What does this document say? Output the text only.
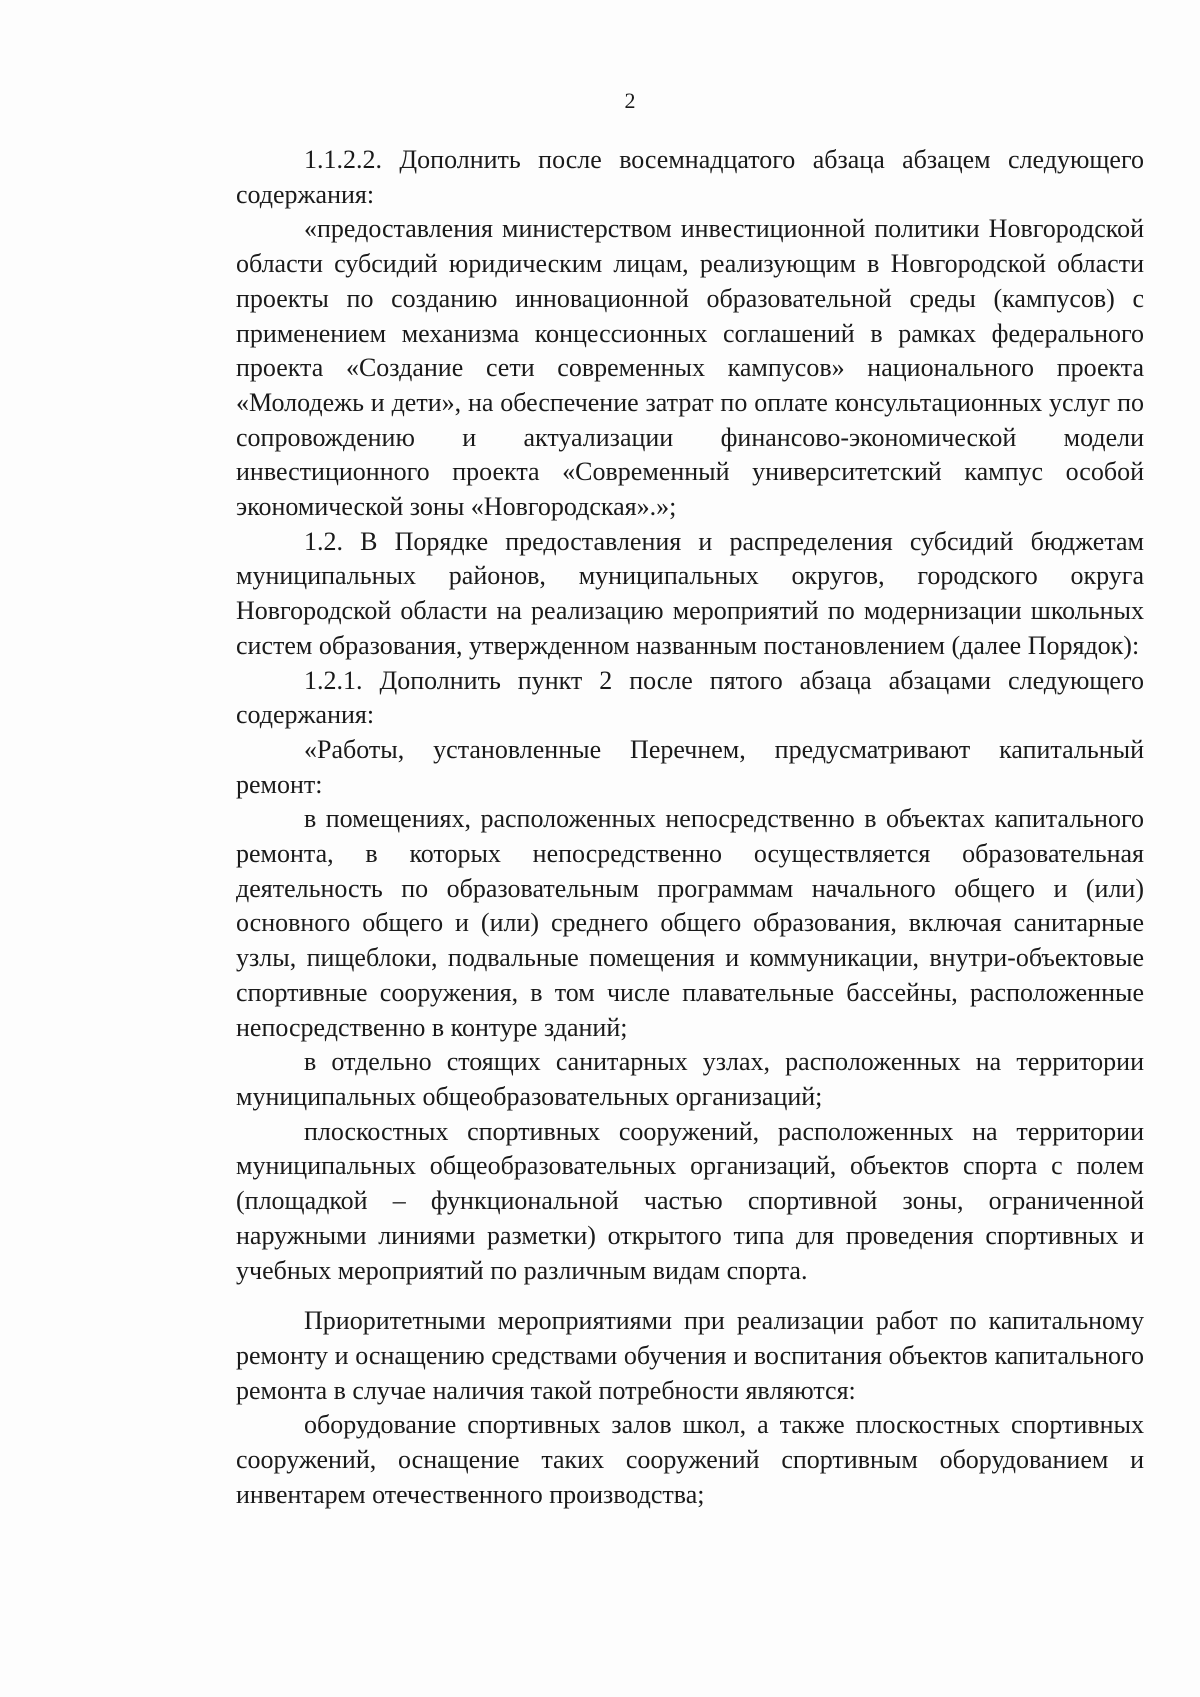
2

1.1.2.2. Дополнить после восемнадцатого абзаца абзацем следующего содержания:

«предоставления министерством инвестиционной политики Новгородской области субсидий юридическим лицам, реализующим в Новгородской области проекты по созданию инновационной образовательной среды (кампусов) с применением механизма концессионных соглашений в рамках федерального проекта «Создание сети современных кампусов» национального проекта «Молодежь и дети», на обеспечение затрат по оплате консультационных услуг по сопровождению и актуализации финансово-экономической модели инвестиционного проекта «Современный университетский кампус особой экономической зоны «Новгородская».»;

1.2. В Порядке предоставления и распределения субсидий бюджетам муниципальных районов, муниципальных округов, городского округа Новгородской области на реализацию мероприятий по модернизации школьных систем образования, утвержденном названным постановлением (далее Порядок):

1.2.1. Дополнить пункт 2 после пятого абзаца абзацами следующего содержания:

«Работы, установленные Перечнем, предусматривают капитальный ремонт:

в помещениях, расположенных непосредственно в объектах капитального ремонта, в которых непосредственно осуществляется образовательная деятельность по образовательным программам начального общего и (или) основного общего и (или) среднего общего образования, включая санитарные узлы, пищеблоки, подвальные помещения и коммуникации, внутри-объектовые спортивные сооружения, в том числе плавательные бассейны, расположенные непосредственно в контуре зданий;

в отдельно стоящих санитарных узлах, расположенных на территории муниципальных общеобразовательных организаций;

плоскостных спортивных сооружений, расположенных на территории муниципальных общеобразовательных организаций, объектов спорта с полем (площадкой – функциональной частью спортивной зоны, ограниченной наружными линиями разметки) открытого типа для проведения спортивных и учебных мероприятий по различным видам спорта.

Приоритетными мероприятиями при реализации работ по капитальному ремонту и оснащению средствами обучения и воспитания объектов капитального ремонта в случае наличия такой потребности являются:

оборудование спортивных залов школ, а также плоскостных спортивных сооружений, оснащение таких сооружений спортивным оборудованием и инвентарем отечественного производства;
